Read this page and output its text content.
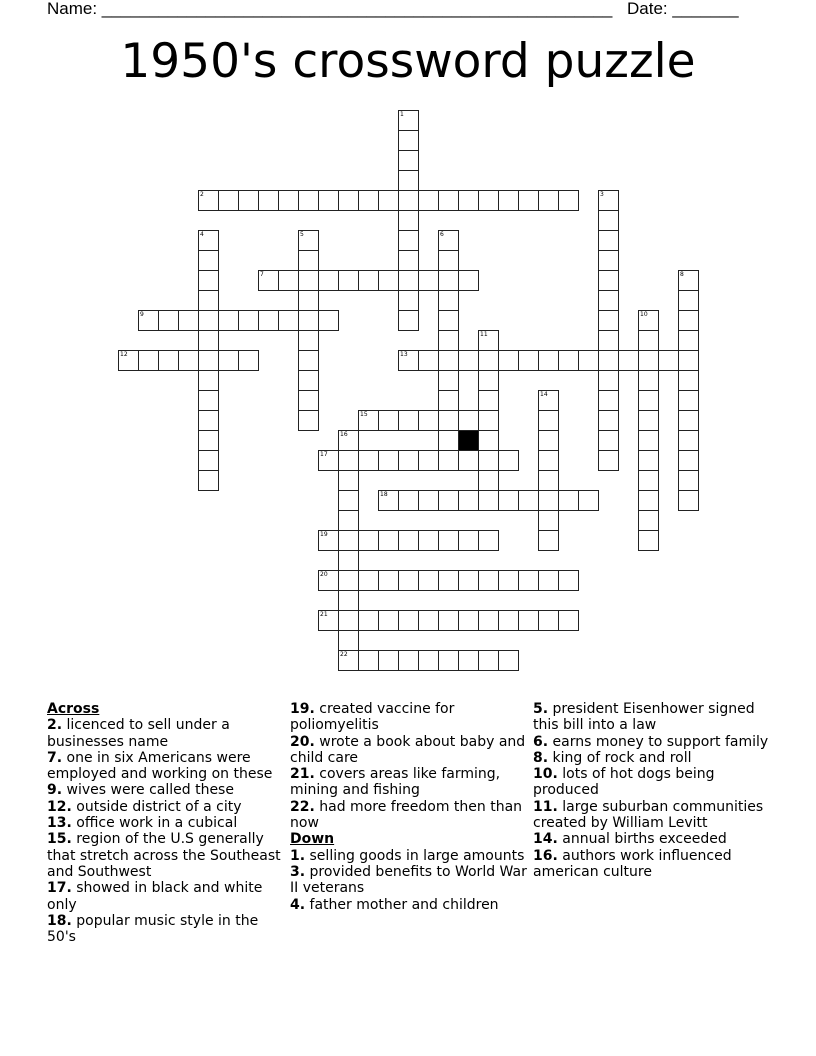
Name: ______________________________________________________ Date: _______
1950's crossword puzzle
1
2	3
4	5	6
7	8
9	10
11
12	13
14
15
16
22
17
18
19
20
21
Across
2. licenced to sell under a businesses name
7. one in six Americans were employed and working on these
9. wives were called these
12. outside district of a city
13. office work in a cubical
15. region of the U.S generally that stretch across the Southeast and Southwest
17. showed in black and white only
18. popular music style in the 50's
19. created vaccine for poliomyelitis
20. wrote a book about baby and child care
21. covers areas like farming, mining and fishing
22. had more freedom then than now
Down
1. selling goods in large amounts
3. provided benefits to World War II veterans
4. father mother and children
5. president Eisenhower signed this bill into a law
6. earns money to support family
8. king of rock and roll
10. lots of hot dogs being produced
11. large suburban communities created by William Levitt
14. annual births exceeded
16. authors work influenced american culture
